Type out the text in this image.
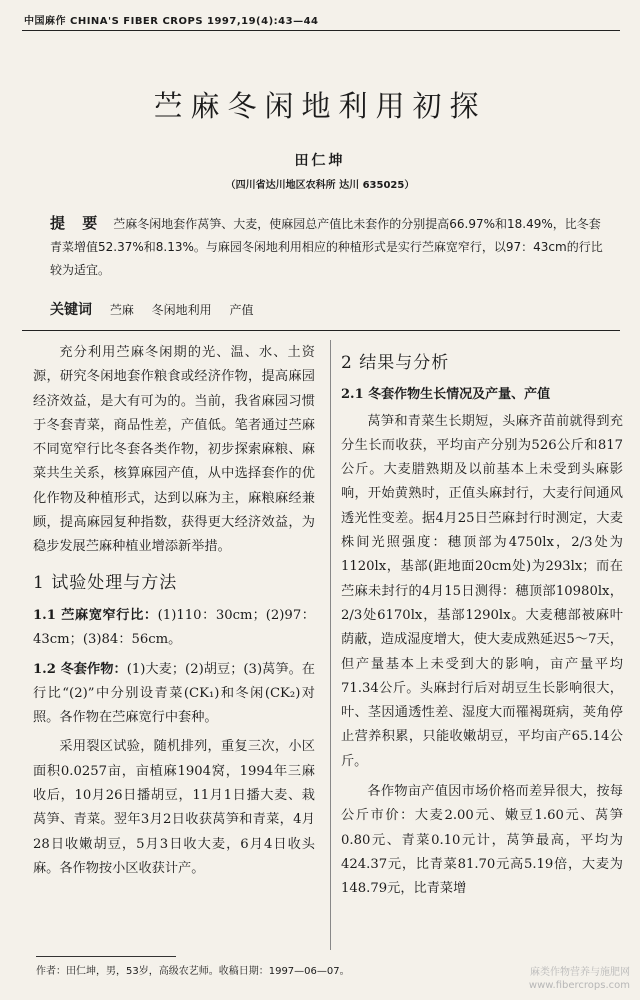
中国麻作 CHINA'S FIBER CROPS 1997,19(4):43—44
苎麻冬闲地利用初探
田仁坤
（四川省达川地区农科所 达川 635025）
提 要 苎麻冬闲地套作莴笋、大麦，使麻园总产值比未套作的分别提高66.97%和18.49%，比冬套青菜增值52.37%和8.13%。与麻园冬闲地利用相应的种植形式是实行苎麻宽窄行，以97：43cm的行比较为适宜。
关键词 苎麻 冬闲地利用 产值

充分利用苎麻冬闲期的光、温、水、土资源，研究冬闲地套作粮食或经济作物，提高麻园经济效益，是大有可为的。当前，我省麻园习惯于冬套青菜，商品性差，产值低。笔者通过苎麻不同宽窄行比冬套各类作物，初步探索麻粮、麻菜共生关系，核算麻园产值，从中选择套作的优化作物及种植形式，达到以麻为主，麻粮麻经兼顾，提高麻园复种指数，获得更大经济效益，为稳步发展苎麻种植业增添新举措。

1 试验处理与方法

1.1 苎麻宽窄行比：(1)110：30cm；(2)97：43cm；(3)84：56cm。

1.2 冬套作物：(1)大麦；(2)胡豆；(3)莴笋。在行比“(2)”中分别设青菜(CK₁)和冬闲(CK₂)对照。各作物在苎麻宽行中套种。

采用裂区试验，随机排列，重复三次，小区面积0.0257亩，亩植麻1904窝，1994年三麻收后，10月26日播胡豆，11月1日播大麦、栽莴笋、青菜。翌年3月2日收获莴笋和青菜，4月28日收嫩胡豆，5月3日收大麦，6月4日收头麻。各作物按小区收获计产。

2 结果与分析
2.1 冬套作物生长情况及产量、产值

莴笋和青菜生长期短，头麻齐苗前就得到充分生长而收获，平均亩产分别为526公斤和817公斤。大麦腊熟期及以前基本上未受到头麻影响，开始黄熟时，正值头麻封行，大麦行间通风透光性变差。据4月25日苎麻封行时测定，大麦株间光照强度：穗顶部为4750lx，2/3处为1120lx，基部(距地面20cm处)为293lx；而在苎麻未封行的4月15日测得：穗顶部10980lx，2/3处6170lx，基部1290lx。大麦穗部被麻叶荫蔽，造成湿度增大，使大麦成熟延迟5～7天，但产量基本上未受到大的影响，亩产量平均71.34公斤。头麻封行后对胡豆生长影响很大，叶、茎因通透性差、湿度大而罹褐斑病，荚角停止营养积累，只能收嫩胡豆，平均亩产65.14公斤。

各作物亩产值因市场价格而差异很大，按每公斤市价：大麦2.00元、嫩豆1.60元、莴笋0.80元、青菜0.10元计，莴笋最高，平均为424.37元，比青菜81.70元高5.19倍，大麦为148.79元，比青菜增

作者：田仁坤，男，53岁，高级农艺师。收稿日期：1997—06—07。	麻类作物营养与施肥网
www.fibercrops.com
